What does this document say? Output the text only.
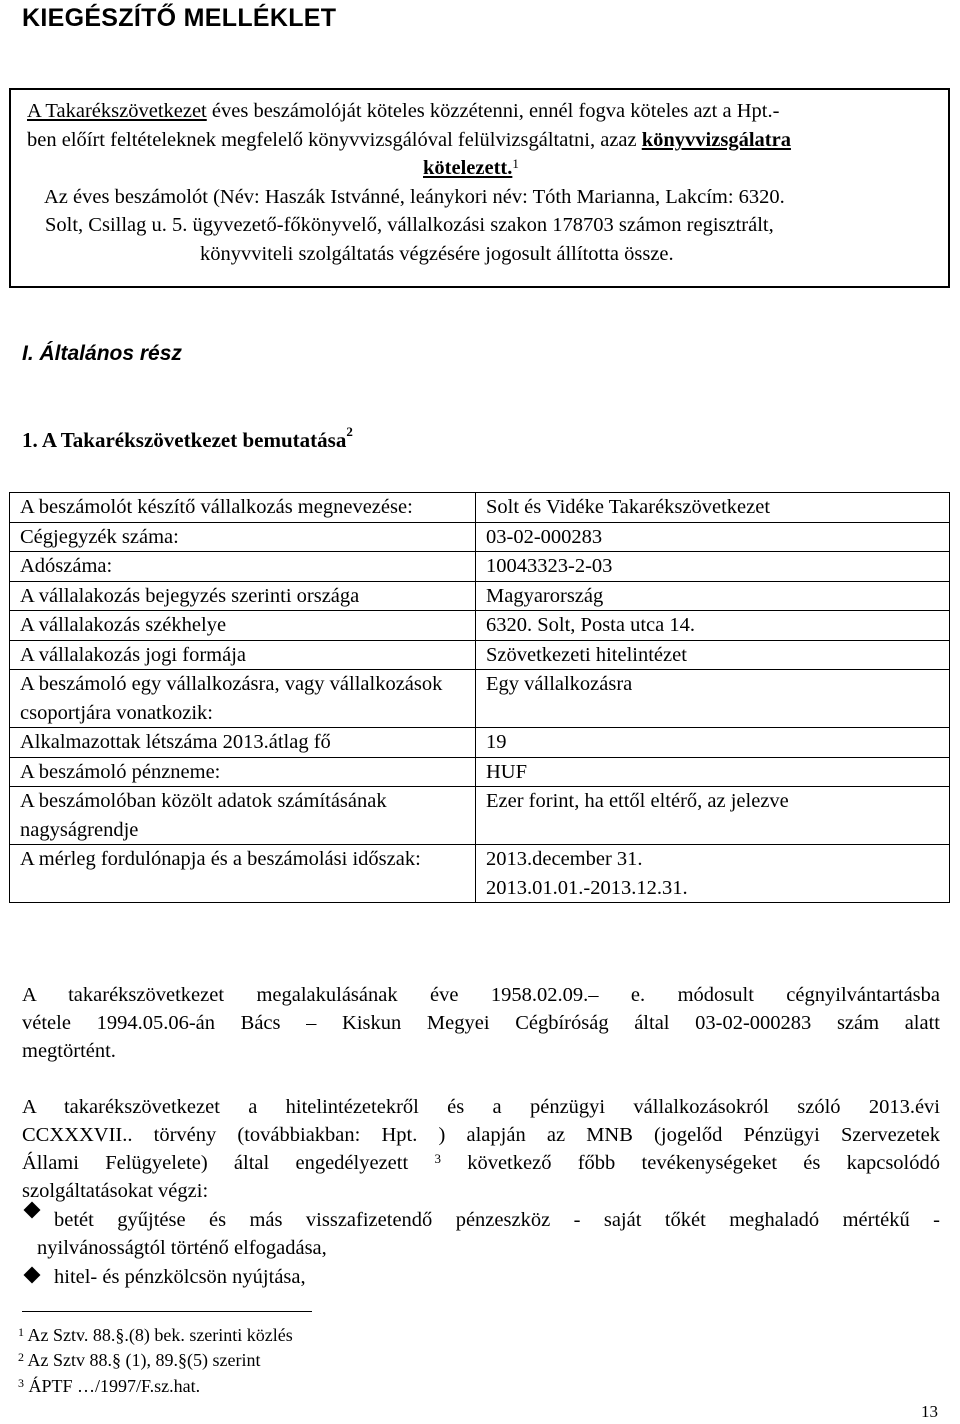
KIEGÉSZÍTŐ MELLÉKLET
A Takarékszövetkezet éves beszámolóját köteles közzétenni, ennél fogva köteles azt a Hpt.-
ben előírt feltételeknek megfelelő könyvvizsgálóval felülvizsgáltatni, azaz könyvvizsgálatra
kötelezett.$^1$
Az éves beszámolót (Név: Haszák Istvánné, leánykori név: Tóth Marianna, Lakcím: 6320.
Solt, Csillag u. 5. ügyvezető-főkönyvelő, vállalkozási szakon 178703 számon regisztrált,
könyvviteli szolgáltatás végzésére jogosult állította össze.
I. Általános rész
1. A Takarékszövetkezet bemutatása$^2$
A beszámolót készítő vállalkozás megnevezése:	Solt és Vidéke Takarékszövetkezet
Cégjegyzék száma:	03-02-000283
Adószáma:	10043323-2-03
A vállalakozás bejegyzés szerinti országa	Magyarország
A vállalakozás székhelye	6320. Solt, Posta utca 14.
A vállalakozás jogi formája	Szövetkezeti hitelintézet
A beszámoló egy vállalkozásra, vagy vállalkozások csoportjára vonatkozik:	Egy vállalkozásra
Alkalmazottak létszáma 2013.átlag fő	19
A beszámoló pénzneme:	HUF
A beszámolóban közölt adatok számításának nagyságrendje	Ezer forint, ha ettől eltérő, az jelezve
A mérleg fordulónapja és a beszámolási időszak:	2013.december 31.
2013.01.01.-2013.12.31.
A takarékszövetkezet megalakulásának éve 1958.02.09.– e. módosult cégnyilvántartásba
vétele 1994.05.06-án Bács – Kiskun Megyei Cégbíróság által 03-02-000283 szám alatt
megtörtént.
A takarékszövetkezet a hitelintézetekről és a pénzügyi vállalkozásokról szóló 2013.évi
CCXXXVII.. törvény (továbbiakban: Hpt. ) alapján az MNB (jogelőd Pénzügyi Szervezetek
Állami Felügyelete) által engedélyezett $^3$ következő főbb tevékenységeket és kapcsolódó
szolgáltatásokat végzi:
betét gyűjtése és más visszafizetendő pénzeszköz - saját tőkét meghaladó mértékű -
nyilvánosságtól történő elfogadása,
hitel- és pénzkölcsön nyújtása,
$^1$ Az Sztv. 88.§.(8) bek. szerinti közlés
$^2$ Az Sztv 88.§ (1), 89.§(5) szerint
$^3$ ÁPTF …/1997/F.sz.hat.
13
